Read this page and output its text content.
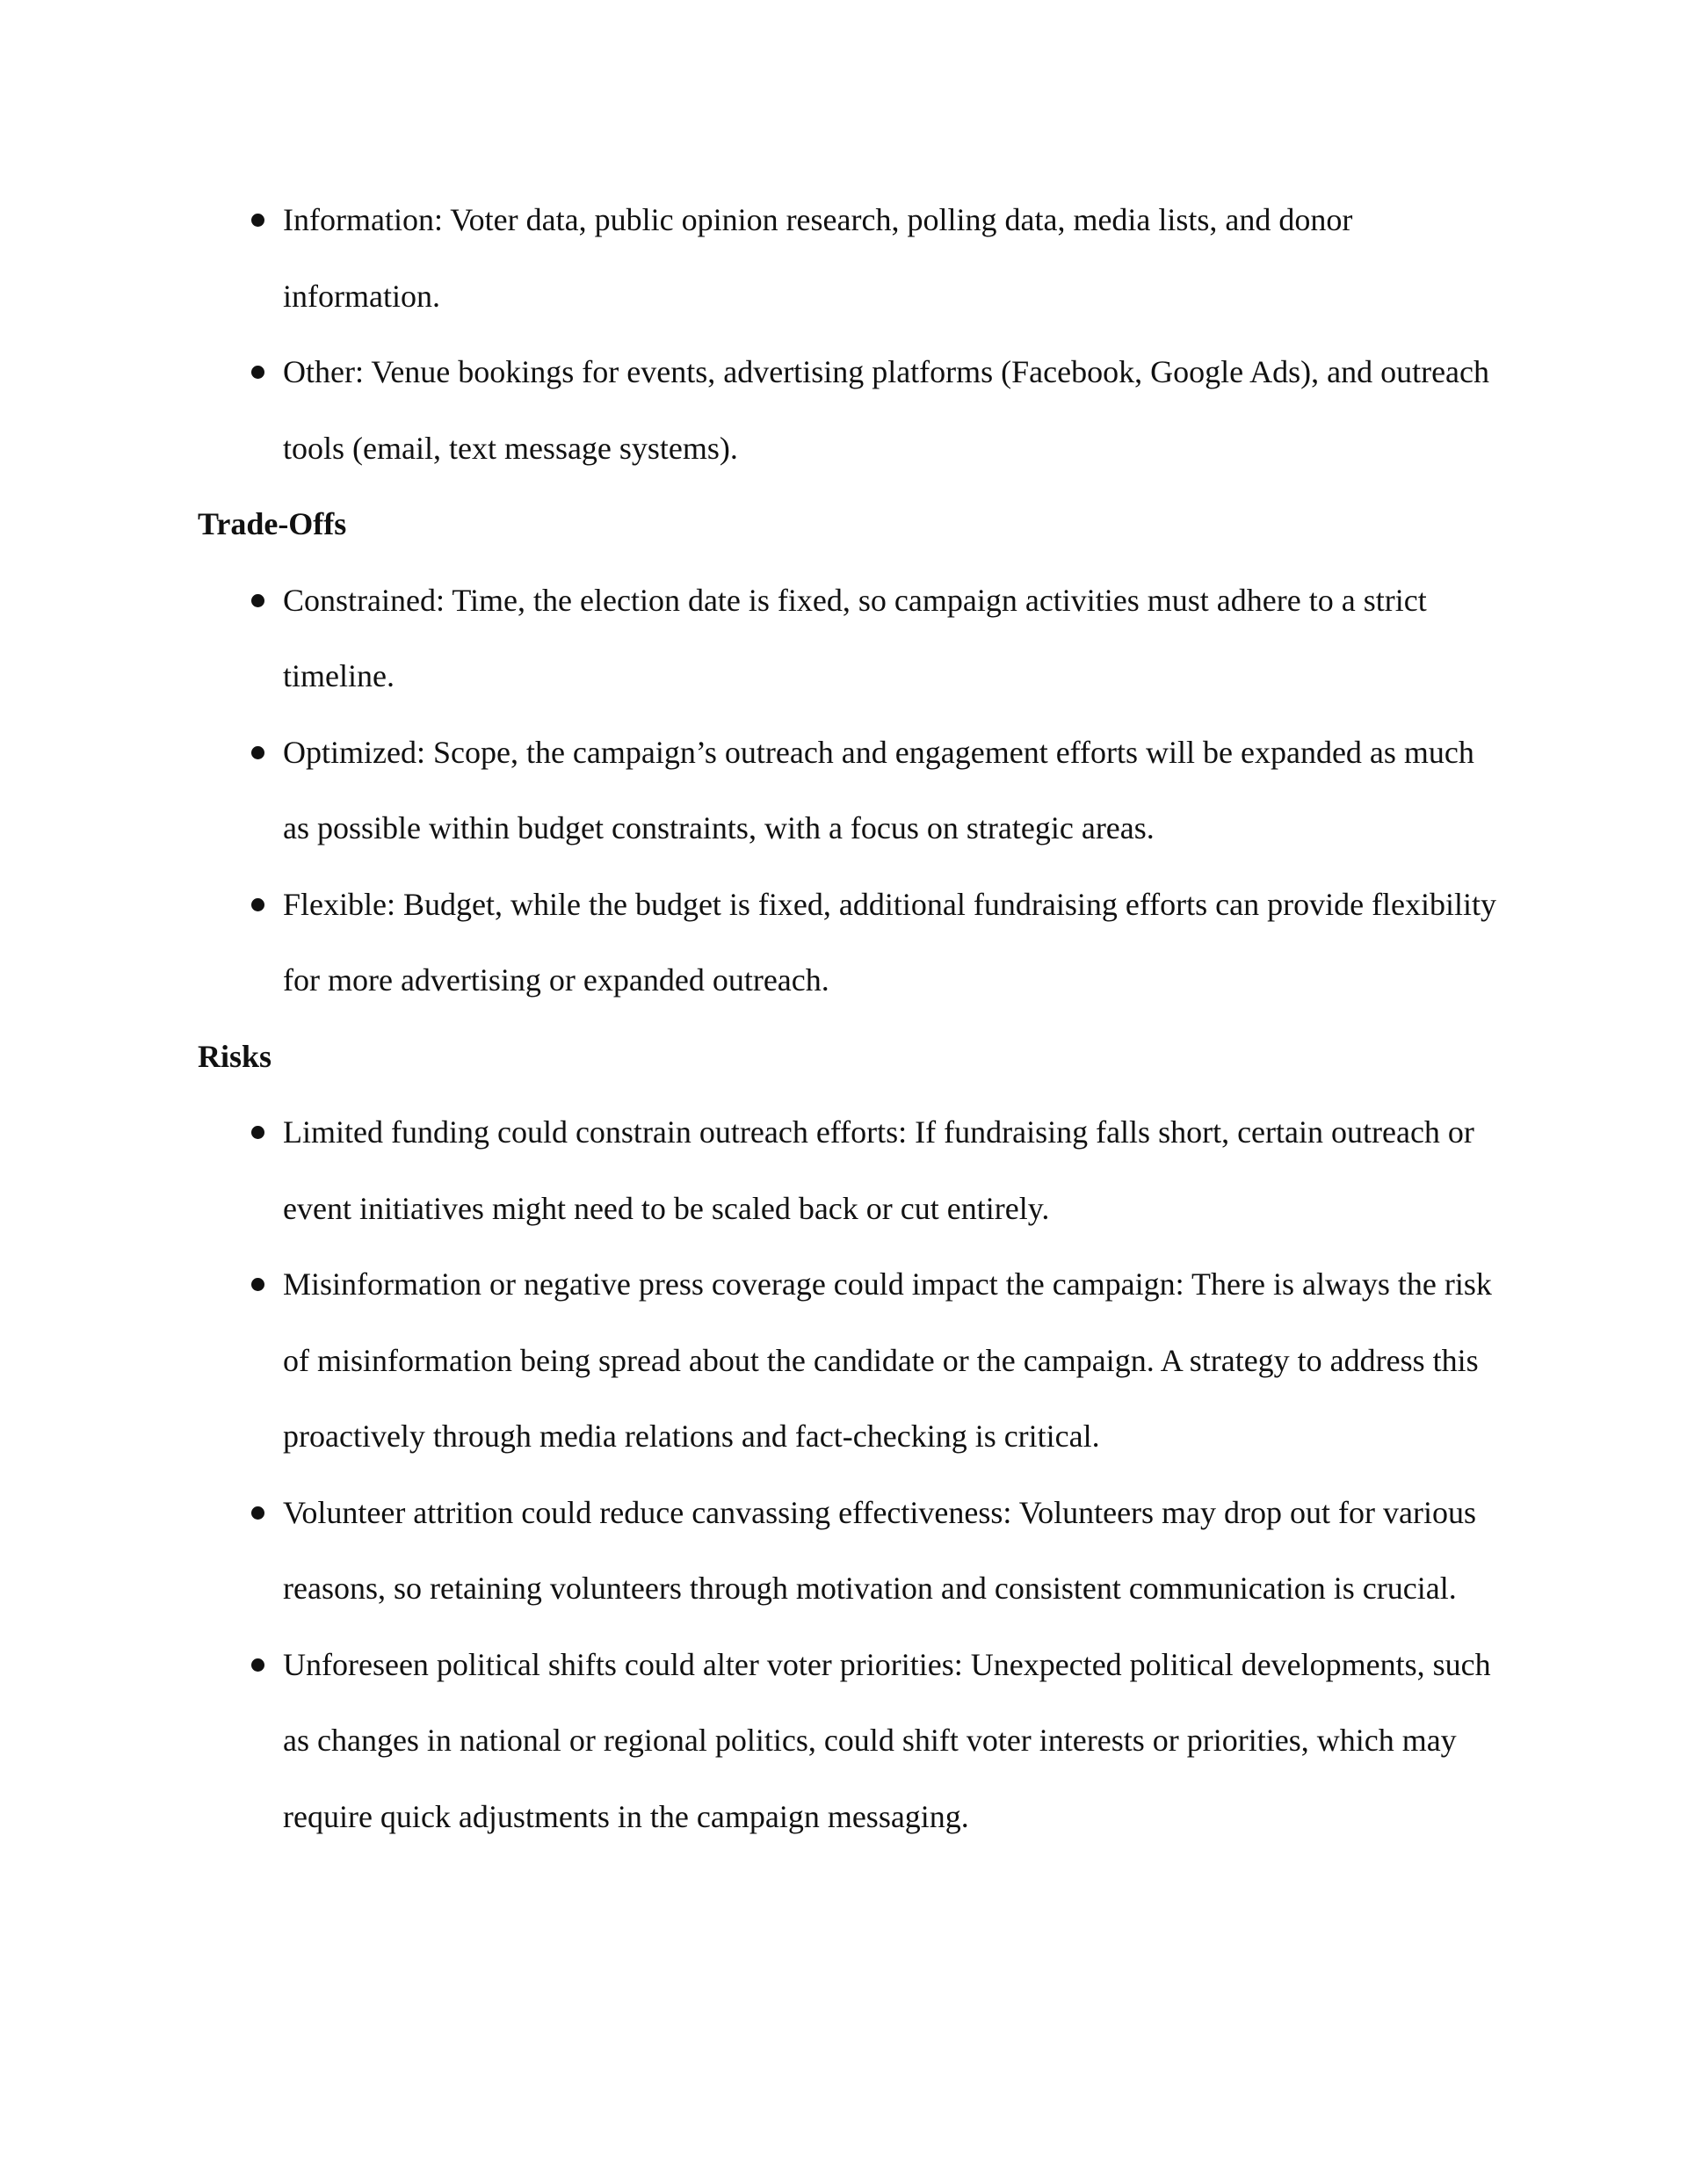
Information: Voter data, public opinion research, polling data, media lists, and donor information.
Other: Venue bookings for events, advertising platforms (Facebook, Google Ads), and outreach tools (email, text message systems).
Trade-Offs
Constrained: Time, the election date is fixed, so campaign activities must adhere to a strict timeline.
Optimized: Scope, the campaign’s outreach and engagement efforts will be expanded as much as possible within budget constraints, with a focus on strategic areas.
Flexible: Budget, while the budget is fixed, additional fundraising efforts can provide flexibility for more advertising or expanded outreach.
Risks
Limited funding could constrain outreach efforts: If fundraising falls short, certain outreach or event initiatives might need to be scaled back or cut entirely.
Misinformation or negative press coverage could impact the campaign: There is always the risk of misinformation being spread about the candidate or the campaign. A strategy to address this proactively through media relations and fact-checking is critical.
Volunteer attrition could reduce canvassing effectiveness: Volunteers may drop out for various reasons, so retaining volunteers through motivation and consistent communication is crucial.
Unforeseen political shifts could alter voter priorities: Unexpected political developments, such as changes in national or regional politics, could shift voter interests or priorities, which may require quick adjustments in the campaign messaging.
